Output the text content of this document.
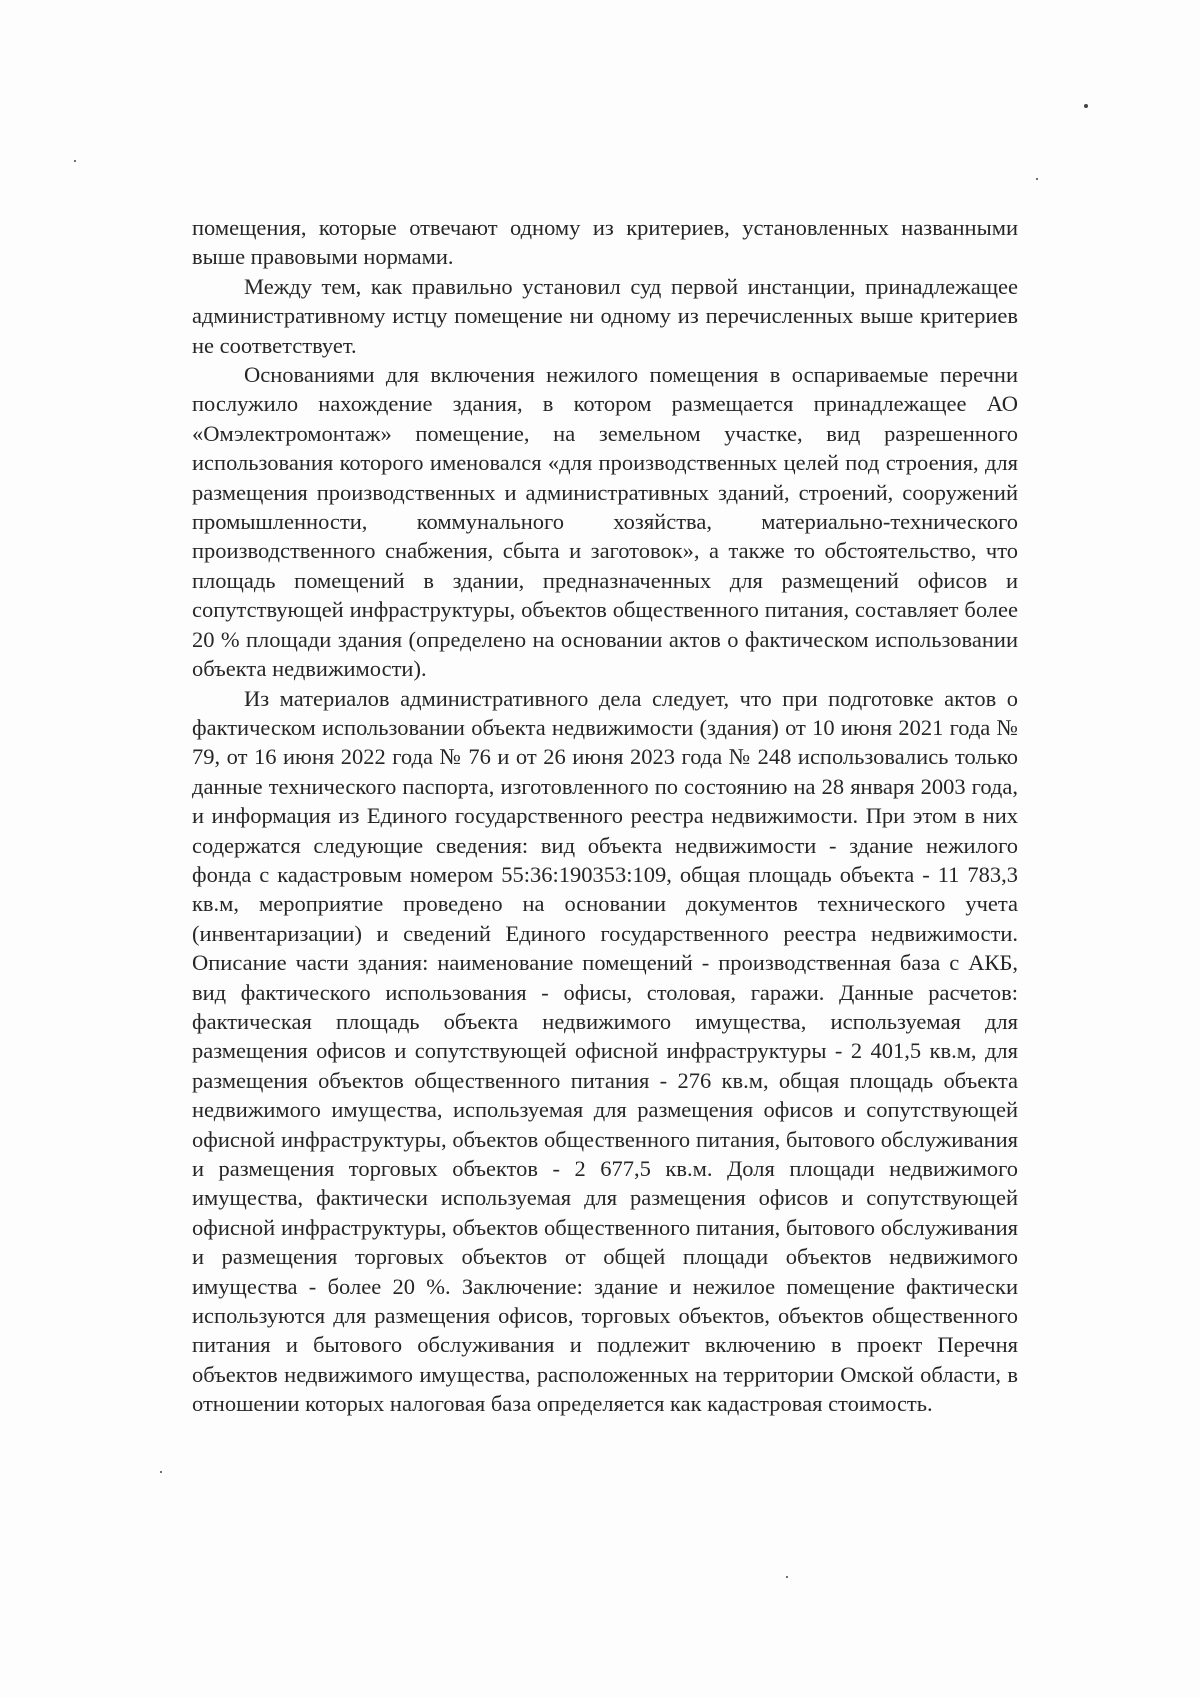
помещения, которые отвечают одному из критериев, установленных названными выше правовыми нормами.

Между тем, как правильно установил суд первой инстанции, принадлежащее административному истцу помещение ни одному из перечисленных выше критериев не соответствует.

Основаниями для включения нежилого помещения в оспариваемые перечни послужило нахождение здания, в котором размещается принадлежащее АО «Омэлектромонтаж» помещение, на земельном участке, вид разрешенного использования которого именовался «для производственных целей под строения, для размещения производственных и административных зданий, строений, сооружений промышленности, коммунального хозяйства, материально-технического производственного снабжения, сбыта и заготовок», а также то обстоятельство, что площадь помещений в здании, предназначенных для размещений офисов и сопутствующей инфраструктуры, объектов общественного питания, составляет более 20 % площади здания (определено на основании актов о фактическом использовании объекта недвижимости).

Из материалов административного дела следует, что при подготовке актов о фактическом использовании объекта недвижимости (здания) от 10 июня 2021 года № 79, от 16 июня 2022 года № 76 и от 26 июня 2023 года № 248 использовались только данные технического паспорта, изготовленного по состоянию на 28 января 2003 года, и информация из Единого государственного реестра недвижимости. При этом в них содержатся следующие сведения: вид объекта недвижимости - здание нежилого фонда с кадастровым номером 55:36:190353:109, общая площадь объекта - 11 783,3 кв.м, мероприятие проведено на основании документов технического учета (инвентаризации) и сведений Единого государственного реестра недвижимости. Описание части здания: наименование помещений - производственная база с АКБ, вид фактического использования - офисы, столовая, гаражи. Данные расчетов: фактическая площадь объекта недвижимого имущества, используемая для размещения офисов и сопутствующей офисной инфраструктуры - 2 401,5 кв.м, для размещения объектов общественного питания - 276 кв.м, общая площадь объекта недвижимого имущества, используемая для размещения офисов и сопутствующей офисной инфраструктуры, объектов общественного питания, бытового обслуживания и размещения торговых объектов - 2 677,5 кв.м. Доля площади недвижимого имущества, фактически используемая для размещения офисов и сопутствующей офисной инфраструктуры, объектов общественного питания, бытового обслуживания и размещения торговых объектов от общей площади объектов недвижимого имущества - более 20 %. Заключение: здание и нежилое помещение фактически используются для размещения офисов, торговых объектов, объектов общественного питания и бытового обслуживания и подлежит включению в проект Перечня объектов недвижимого имущества, расположенных на территории Омской области, в отношении которых налоговая база определяется как кадастровая стоимость.
